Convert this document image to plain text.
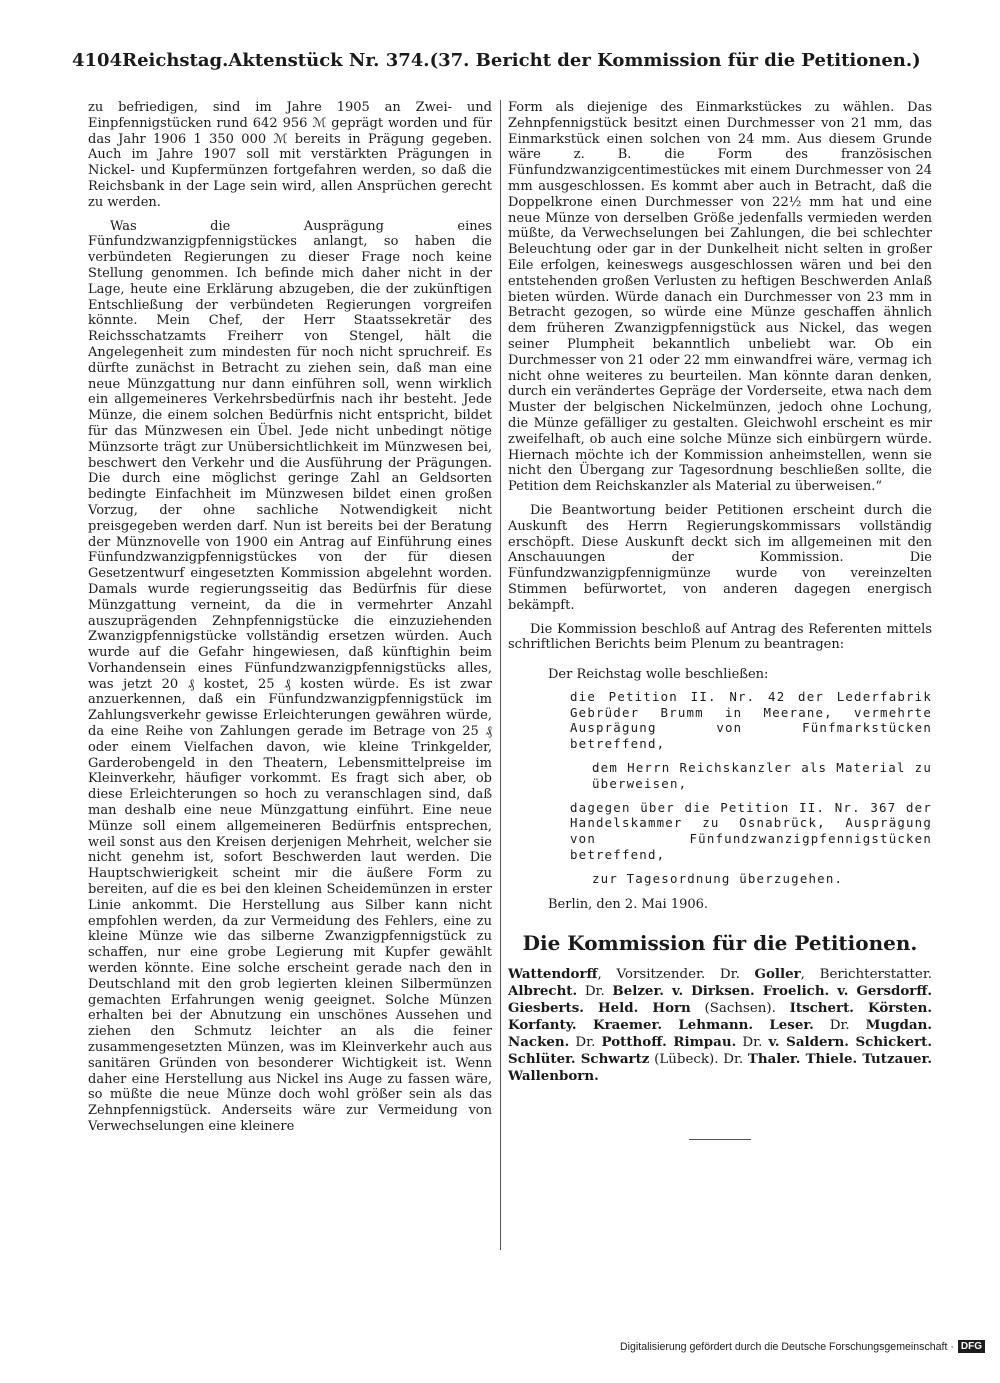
4104 Reichstag. Aktenstück Nr. 374. (37. Bericht der Kommission für die Petitionen.)

zu befriedigen, sind im Jahre 1905 an Zwei- und Einpfennigstücken rund 642 956 ℳ geprägt worden und für das Jahr 1906 1 350 000 ℳ bereits in Prägung gegeben. Auch im Jahre 1907 soll mit verstärkten Prägungen in Nickel- und Kupfermünzen fortgefahren werden, so daß die Reichsbank in der Lage sein wird, allen Ansprüchen gerecht zu werden.

Was die Ausprägung eines Fünfundzwanzigpfennigstückes anlangt, so haben die verbündeten Regierungen zu dieser Frage noch keine Stellung genommen. Ich befinde mich daher nicht in der Lage, heute eine Erklärung abzugeben, die der zukünftigen Entschließung der verbündeten Regierungen vorgreifen könnte. Mein Chef, der Herr Staatssekretär des Reichsschatzamts Freiherr von Stengel, hält die Angelegenheit zum mindesten für noch nicht spruchreif. Es dürfte zunächst in Betracht zu ziehen sein, daß man eine neue Münzgattung nur dann einführen soll, wenn wirklich ein allgemeineres Verkehrsbedürfnis nach ihr besteht. Jede Münze, die einem solchen Bedürfnis nicht entspricht, bildet für das Münzwesen ein Übel. Jede nicht unbedingt nötige Münzsorte trägt zur Unübersichtlichkeit im Münzwesen bei, beschwert den Verkehr und die Ausführung der Prägungen. Die durch eine möglichst geringe Zahl an Geldsorten bedingte Einfachheit im Münzwesen bildet einen großen Vorzug, der ohne sachliche Notwendigkeit nicht preisgegeben werden darf. Nun ist bereits bei der Beratung der Münznovelle von 1900 ein Antrag auf Einführung eines Fünfundzwanzigpfennigstückes von der für diesen Gesetzentwurf eingesetzten Kommission abgelehnt worden. Damals wurde regierungsseitig das Bedürfnis für diese Münzgattung verneint, da die in vermehrter Anzahl auszuprägenden Zehnpfennigstücke die einzuziehenden Zwanzigpfennigstücke vollständig ersetzen würden. Auch wurde auf die Gefahr hingewiesen, daß künftighin beim Vorhandensein eines Fünfundzwanzigpfennigstücks alles, was jetzt 20 ₰ kostet, 25 ₰ kosten würde. Es ist zwar anzuerkennen, daß ein Fünfundzwanzigpfennigstück im Zahlungsverkehr gewisse Erleichterungen gewähren würde, da eine Reihe von Zahlungen gerade im Betrage von 25 ₰ oder einem Vielfachen davon, wie kleine Trinkgelder, Garderobengeld in den Theatern, Lebensmittelpreise im Kleinverkehr, häufiger vorkommt. Es fragt sich aber, ob diese Erleichterungen so hoch zu veranschlagen sind, daß man deshalb eine neue Münzgattung einführt. Eine neue Münze soll einem allgemeineren Bedürfnis entsprechen, weil sonst aus den Kreisen derjenigen Mehrheit, welcher sie nicht genehm ist, sofort Beschwerden laut werden. Die Hauptschwierigkeit scheint mir die äußere Form zu bereiten, auf die es bei den kleinen Scheidemünzen in erster Linie ankommt. Die Herstellung aus Silber kann nicht empfohlen werden, da zur Vermeidung des Fehlers, eine zu kleine Münze wie das silberne Zwanzigpfennigstück zu schaffen, nur eine grobe Legierung mit Kupfer gewählt werden könnte. Eine solche erscheint gerade nach den in Deutschland mit den grob legierten kleinen Silbermünzen gemachten Erfahrungen wenig geeignet. Solche Münzen erhalten bei der Abnutzung ein unschönes Aussehen und ziehen den Schmutz leichter an als die feiner zusammengesetzten Münzen, was im Kleinverkehr auch aus sanitären Gründen von besonderer Wichtigkeit ist. Wenn daher eine Herstellung aus Nickel ins Auge zu fassen wäre, so müßte die neue Münze doch wohl größer sein als das Zehnpfennigstück. Anderseits wäre zur Vermeidung von Verwechselungen eine kleinere

Form als diejenige des Einmarkstückes zu wählen. Das Zehnpfennigstück besitzt einen Durchmesser von 21 mm, das Einmarkstück einen solchen von 24 mm. Aus diesem Grunde wäre z. B. die Form des französischen Fünfundzwanzigcentimestückes mit einem Durchmesser von 24 mm ausgeschlossen. Es kommt aber auch in Betracht, daß die Doppelkrone einen Durchmesser von 22½ mm hat und eine neue Münze von derselben Größe jedenfalls vermieden werden müßte, da Verwechselungen bei Zahlungen, die bei schlechter Beleuchtung oder gar in der Dunkelheit nicht selten in großer Eile erfolgen, keineswegs ausgeschlossen wären und bei den entstehenden großen Verlusten zu heftigen Beschwerden Anlaß bieten würden. Würde danach ein Durchmesser von 23 mm in Betracht gezogen, so würde eine Münze geschaffen ähnlich dem früheren Zwanzigpfennigstück aus Nickel, das wegen seiner Plumpheit bekanntlich unbeliebt war. Ob ein Durchmesser von 21 oder 22 mm einwandfrei wäre, vermag ich nicht ohne weiteres zu beurteilen. Man könnte daran denken, durch ein verändertes Gepräge der Vorderseite, etwa nach dem Muster der belgischen Nickelmünzen, jedoch ohne Lochung, die Münze gefälliger zu gestalten. Gleichwohl erscheint es mir zweifelhaft, ob auch eine solche Münze sich einbürgern würde. Hiernach möchte ich der Kommission anheimstellen, wenn sie nicht den Übergang zur Tagesordnung beschließen sollte, die Petition dem Reichskanzler als Material zu überweisen.“

Die Beantwortung beider Petitionen erscheint durch die Auskunft des Herrn Regierungskommissars vollständig erschöpft. Diese Auskunft deckt sich im allgemeinen mit den Anschauungen der Kommission. Die Fünfundzwanzigpfennigmünze wurde von vereinzelten Stimmen befürwortet, von anderen dagegen energisch bekämpft.

Die Kommission beschloß auf Antrag des Referenten mittels schriftlichen Berichts beim Plenum zu beantragen:

Der Reichstag wolle beschließen:

die Petition II. Nr. 42 der Lederfabrik Gebrüder Brumm in Meerane, vermehrte Ausprägung von Fünfmarkstücken betreffend,

dem Herrn Reichskanzler als Material zu überweisen,

dagegen über die Petition II. Nr. 367 der Handelskammer zu Osnabrück, Ausprägung von Fünfundzwanzigpfennigstücken betreffend,

zur Tagesordnung überzugehen.

Berlin, den 2. Mai 1906.

Die Kommission für die Petitionen.
Wattendorff, Vorsitzender. Dr. Goller, Berichterstatter. Albrecht. Dr. Belzer. v. Dirksen. Froelich. v. Gersdorff. Giesberts. Held. Horn (Sachsen). Itschert. Körsten. Korfanty. Kraemer. Lehmann. Leser. Dr. Mugdan. Nacken. Dr. Potthoff. Rimpau. Dr. v. Saldern. Schickert. Schlüter. Schwartz (Lübeck). Dr. Thaler. Thiele. Tutzauer. Wallenborn.
Digitalisierung gefördert durch die Deutsche Forschungsgemeinschaft · DFG
